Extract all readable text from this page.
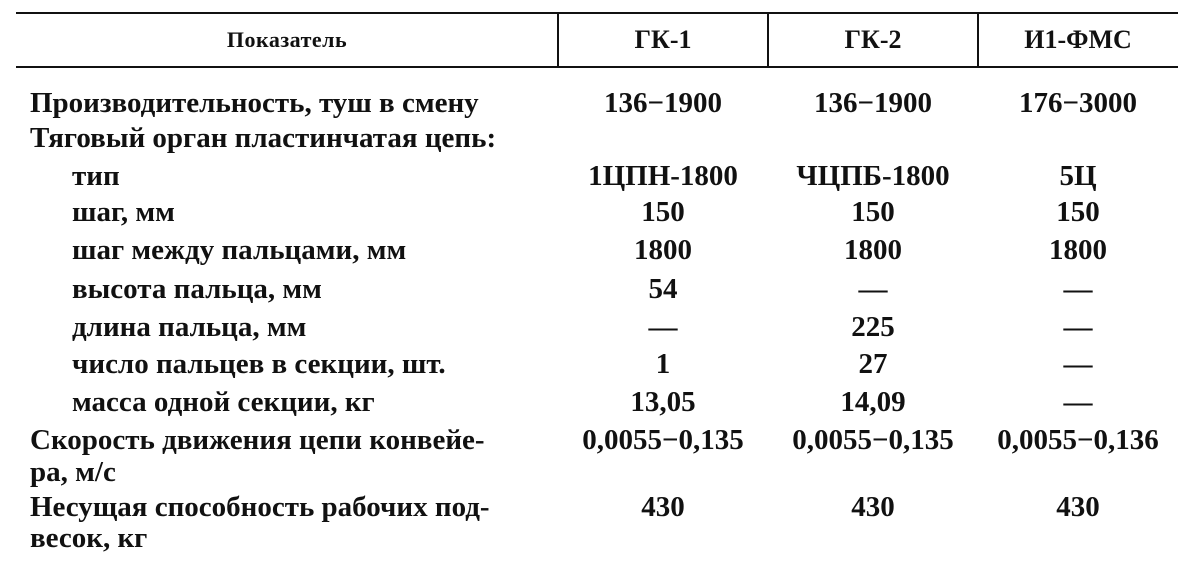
Показатель	ГК-1	ГК-2	И1-ФМС
Производительность, туш в смену	136−1900	136−1900	176−3000
Тяговый орган пластинчатая цепь:
тип	1ЦПН-1800	ЧЦПБ-1800	5Ц
шаг, мм	150	150	150
шаг между пальцами, мм	1800	1800	1800
высота пальца, мм	54	—	—
длина пальца, мм	—	225	—
число пальцев в секции, шт.	1	27	—
масса одной секции, кг	13,05	14,09	—
Скорость движения цепи конвейе-	0,0055−0,135	0,0055−0,135	0,0055−0,136
ра, м/с
Несущая способность рабочих под-	430	430	430
весок, кг
